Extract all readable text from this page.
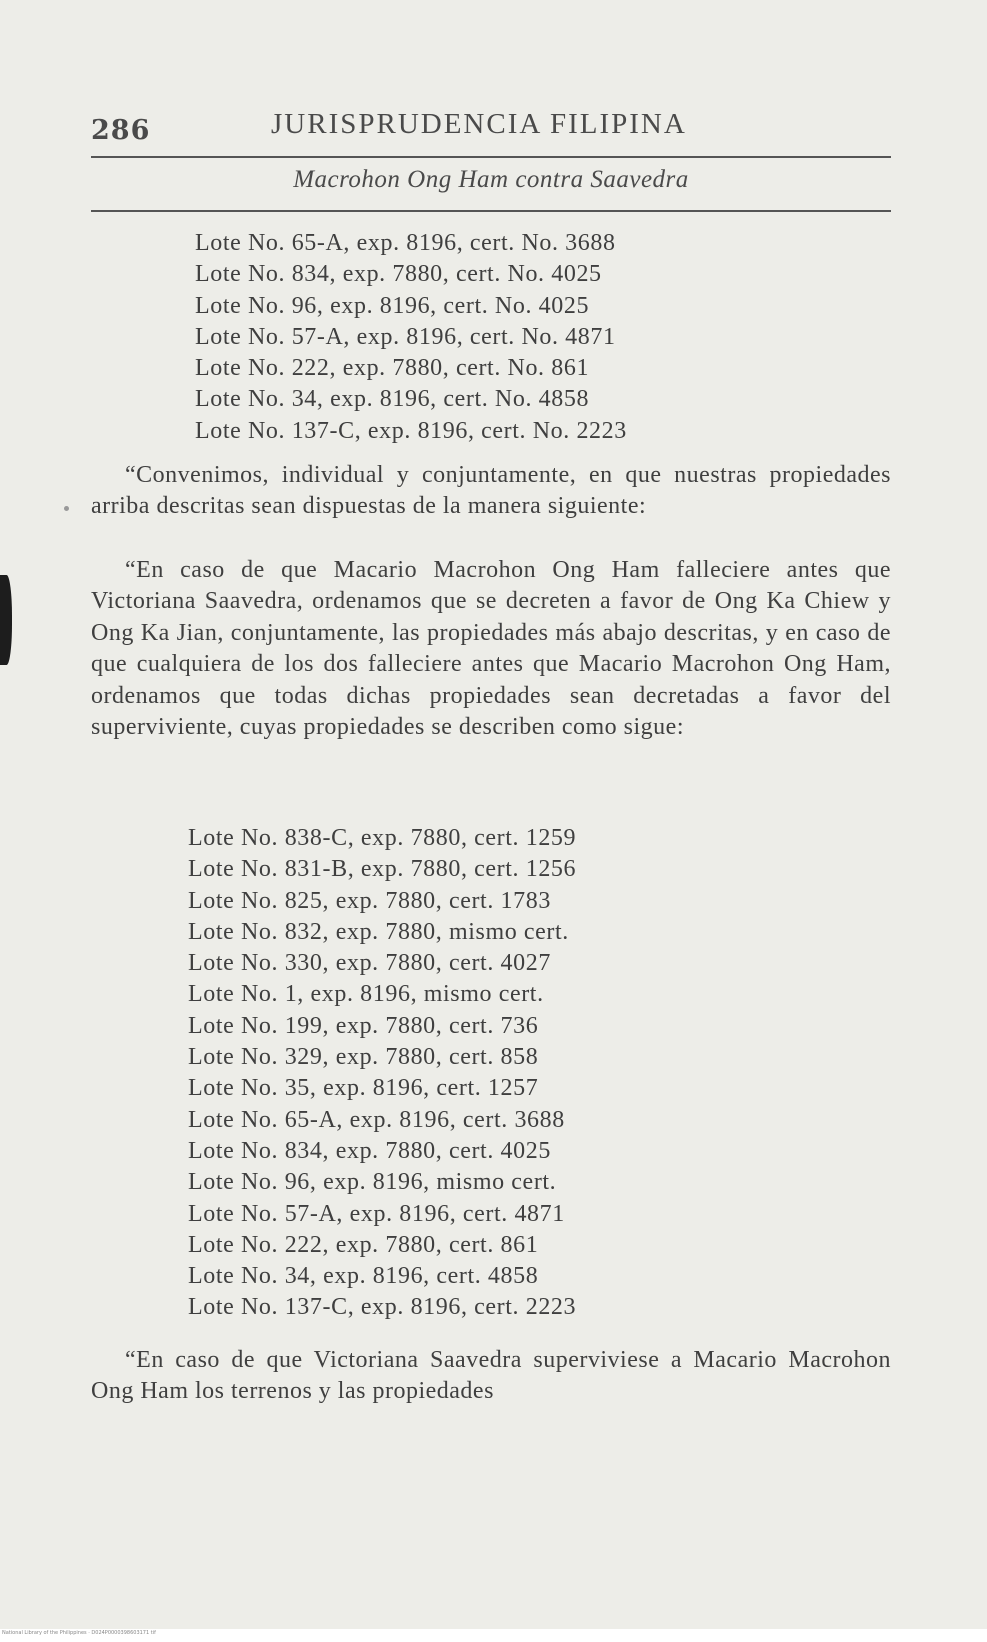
286	JURISPRUDENCIA FILIPINA
Macrohon Ong Ham contra Saavedra
Lote No. 65-A, exp. 8196, cert. No. 3688
Lote No. 834, exp. 7880, cert. No. 4025
Lote No. 96, exp. 8196, cert. No. 4025
Lote No. 57-A, exp. 8196, cert. No. 4871
Lote No. 222, exp. 7880, cert. No. 861
Lote No. 34, exp. 8196, cert. No. 4858
Lote No. 137-C, exp. 8196, cert. No. 2223

“Convenimos, individual y conjuntamente, en que nuestras propiedades arriba descritas sean dispuestas de la manera siguiente:

“En caso de que Macario Macrohon Ong Ham falleciere antes que Victoriana Saavedra, ordenamos que se decreten a favor de Ong Ka Chiew y Ong Ka Jian, conjuntamente, las propiedades más abajo descritas, y en caso de que cualquiera de los dos falleciere antes que Macario Macrohon Ong Ham, ordenamos que todas dichas propiedades sean decretadas a favor del superviviente, cuyas propiedades se describen como sigue:

Lote No. 838-C, exp. 7880, cert. 1259
Lote No. 831-B, exp. 7880, cert. 1256
Lote No. 825, exp. 7880, cert. 1783
Lote No. 832, exp. 7880, mismo cert.
Lote No. 330, exp. 7880, cert. 4027
Lote No. 1, exp. 8196, mismo cert.
Lote No. 199, exp. 7880, cert. 736
Lote No. 329, exp. 7880, cert. 858
Lote No. 35, exp. 8196, cert. 1257
Lote No. 65-A, exp. 8196, cert. 3688
Lote No. 834, exp. 7880, cert. 4025
Lote No. 96, exp. 8196, mismo cert.
Lote No. 57-A, exp. 8196, cert. 4871
Lote No. 222, exp. 7880, cert. 861
Lote No. 34, exp. 8196, cert. 4858
Lote No. 137-C, exp. 8196, cert. 2223

“En caso de que Victoriana Saavedra superviviese a Macario Macrohon Ong Ham los terrenos y las propiedades

National Library of the Philippines · D024P0000398603171 tif
